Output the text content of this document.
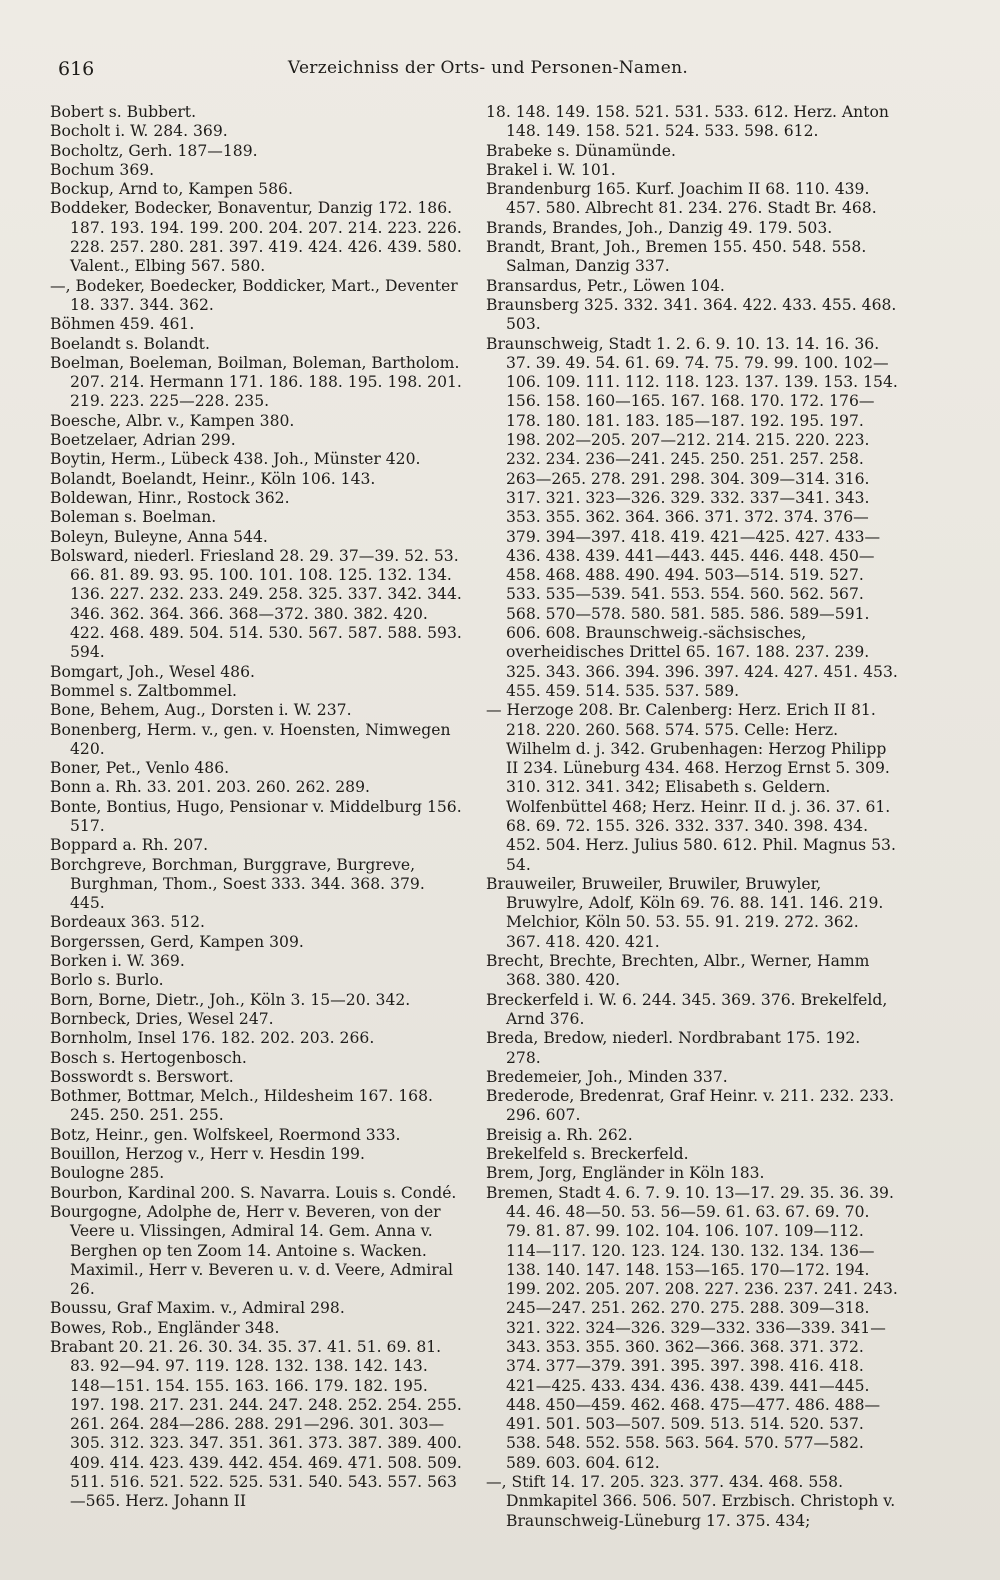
616	Verzeichniss der Orts- und Personen-Namen.

Bobert s. Bubbert.

Bocholt i. W. 284. 369.

Bocholtz, Gerh. 187—189.

Bochum 369.

Bockup, Arnd to, Kampen 586.

Boddeker, Bodecker, Bonaventur, Danzig 172. 186. 187. 193. 194. 199. 200. 204. 207. 214. 223. 226. 228. 257. 280. 281. 397. 419. 424. 426. 439. 580. Valent., Elbing 567. 580.

—, Bodeker, Boedecker, Boddicker, Mart., Deventer 18. 337. 344. 362.

Böhmen 459. 461.

Boelandt s. Bolandt.

Boelman, Boeleman, Boilman, Boleman, Bartholom. 207. 214. Hermann 171. 186. 188. 195. 198. 201. 219. 223. 225—228. 235.

Boesche, Albr. v., Kampen 380.

Boetzelaer, Adrian 299.

Boytin, Herm., Lübeck 438. Joh., Münster 420.

Bolandt, Boelandt, Heinr., Köln 106. 143.

Boldewan, Hinr., Rostock 362.

Boleman s. Boelman.

Boleyn, Buleyne, Anna 544.

Bolsward, niederl. Friesland 28. 29. 37—39. 52. 53. 66. 81. 89. 93. 95. 100. 101. 108. 125. 132. 134. 136. 227. 232. 233. 249. 258. 325. 337. 342. 344. 346. 362. 364. 366. 368—372. 380. 382. 420. 422. 468. 489. 504. 514. 530. 567. 587. 588. 593. 594.

Bomgart, Joh., Wesel 486.

Bommel s. Zaltbommel.

Bone, Behem, Aug., Dorsten i. W. 237.

Bonenberg, Herm. v., gen. v. Hoensten, Nimwegen 420.

Boner, Pet., Venlo 486.

Bonn a. Rh. 33. 201. 203. 260. 262. 289.

Bonte, Bontius, Hugo, Pensionar v. Middelburg 156. 517.

Boppard a. Rh. 207.

Borchgreve, Borchman, Burggrave, Burgreve, Burghman, Thom., Soest 333. 344. 368. 379. 445.

Bordeaux 363. 512.

Borgerssen, Gerd, Kampen 309.

Borken i. W. 369.

Borlo s. Burlo.

Born, Borne, Dietr., Joh., Köln 3. 15—20. 342.

Bornbeck, Dries, Wesel 247.

Bornholm, Insel 176. 182. 202. 203. 266.

Bosch s. Hertogenbosch.

Bosswordt s. Berswort.

Bothmer, Bottmar, Melch., Hildesheim 167. 168. 245. 250. 251. 255.

Botz, Heinr., gen. Wolfskeel, Roermond 333.

Bouillon, Herzog v., Herr v. Hesdin 199.

Boulogne 285.

Bourbon, Kardinal 200. S. Navarra. Louis s. Condé.

Bourgogne, Adolphe de, Herr v. Beveren, von der Veere u. Vlissingen, Admiral 14. Gem. Anna v. Berghen op ten Zoom 14. Antoine s. Wacken. Maximil., Herr v. Beveren u. v. d. Veere, Admiral 26.

Boussu, Graf Maxim. v., Admiral 298.

Bowes, Rob., Engländer 348.

Brabant 20. 21. 26. 30. 34. 35. 37. 41. 51. 69. 81. 83. 92—94. 97. 119. 128. 132. 138. 142. 143. 148—151. 154. 155. 163. 166. 179. 182. 195. 197. 198. 217. 231. 244. 247. 248. 252. 254. 255. 261. 264. 284—286. 288. 291—296. 301. 303—305. 312. 323. 347. 351. 361. 373. 387. 389. 400. 409. 414. 423. 439. 442. 454. 469. 471. 508. 509. 511. 516. 521. 522. 525. 531. 540. 543. 557. 563—565. Herz. Johann II

18. 148. 149. 158. 521. 531. 533. 612. Herz. Anton 148. 149. 158. 521. 524. 533. 598. 612.

Brabeke s. Dünamünde.

Brakel i. W. 101.

Brandenburg 165. Kurf. Joachim II 68. 110. 439. 457. 580. Albrecht 81. 234. 276. Stadt Br. 468.

Brands, Brandes, Joh., Danzig 49. 179. 503.

Brandt, Brant, Joh., Bremen 155. 450. 548. 558. Salman, Danzig 337.

Bransardus, Petr., Löwen 104.

Braunsberg 325. 332. 341. 364. 422. 433. 455. 468. 503.

Braunschweig, Stadt 1. 2. 6. 9. 10. 13. 14. 16. 36. 37. 39. 49. 54. 61. 69. 74. 75. 79. 99. 100. 102—106. 109. 111. 112. 118. 123. 137. 139. 153. 154. 156. 158. 160—165. 167. 168. 170. 172. 176—178. 180. 181. 183. 185—187. 192. 195. 197. 198. 202—205. 207—212. 214. 215. 220. 223. 232. 234. 236—241. 245. 250. 251. 257. 258. 263—265. 278. 291. 298. 304. 309—314. 316. 317. 321. 323—326. 329. 332. 337—341. 343. 353. 355. 362. 364. 366. 371. 372. 374. 376—379. 394—397. 418. 419. 421—425. 427. 433—436. 438. 439. 441—443. 445. 446. 448. 450—458. 468. 488. 490. 494. 503—514. 519. 527. 533. 535—539. 541. 553. 554. 560. 562. 567. 568. 570—578. 580. 581. 585. 586. 589—591. 606. 608. Braunschweig.-sächsisches, overheidisches Drittel 65. 167. 188. 237. 239. 325. 343. 366. 394. 396. 397. 424. 427. 451. 453. 455. 459. 514. 535. 537. 589.

— Herzoge 208. Br. Calenberg: Herz. Erich II 81. 218. 220. 260. 568. 574. 575. Celle: Herz. Wilhelm d. j. 342. Grubenhagen: Herzog Philipp II 234. Lüneburg 434. 468. Herzog Ernst 5. 309. 310. 312. 341. 342; Elisabeth s. Geldern. Wolfenbüttel 468; Herz. Heinr. II d. j. 36. 37. 61. 68. 69. 72. 155. 326. 332. 337. 340. 398. 434. 452. 504. Herz. Julius 580. 612. Phil. Magnus 53. 54.

Brauweiler, Bruweiler, Bruwiler, Bruwyler, Bruwylre, Adolf, Köln 69. 76. 88. 141. 146. 219. Melchior, Köln 50. 53. 55. 91. 219. 272. 362. 367. 418. 420. 421.

Brecht, Brechte, Brechten, Albr., Werner, Hamm 368. 380. 420.

Breckerfeld i. W. 6. 244. 345. 369. 376. Brekelfeld, Arnd 376.

Breda, Bredow, niederl. Nordbrabant 175. 192. 278.

Bredemeier, Joh., Minden 337.

Brederode, Bredenrat, Graf Heinr. v. 211. 232. 233. 296. 607.

Breisig a. Rh. 262.

Brekelfeld s. Breckerfeld.

Brem, Jorg, Engländer in Köln 183.

Bremen, Stadt 4. 6. 7. 9. 10. 13—17. 29. 35. 36. 39. 44. 46. 48—50. 53. 56—59. 61. 63. 67. 69. 70. 79. 81. 87. 99. 102. 104. 106. 107. 109—112. 114—117. 120. 123. 124. 130. 132. 134. 136—138. 140. 147. 148. 153—165. 170—172. 194. 199. 202. 205. 207. 208. 227. 236. 237. 241. 243. 245—247. 251. 262. 270. 275. 288. 309—318. 321. 322. 324—326. 329—332. 336—339. 341—343. 353. 355. 360. 362—366. 368. 371. 372. 374. 377—379. 391. 395. 397. 398. 416. 418. 421—425. 433. 434. 436. 438. 439. 441—445. 448. 450—459. 462. 468. 475—477. 486. 488—491. 501. 503—507. 509. 513. 514. 520. 537. 538. 548. 552. 558. 563. 564. 570. 577—582. 589. 603. 604. 612.

—, Stift 14. 17. 205. 323. 377. 434. 468. 558. Dnmkapitel 366. 506. 507. Erzbisch. Christoph v. Braunschweig-Lüneburg 17. 375. 434;
